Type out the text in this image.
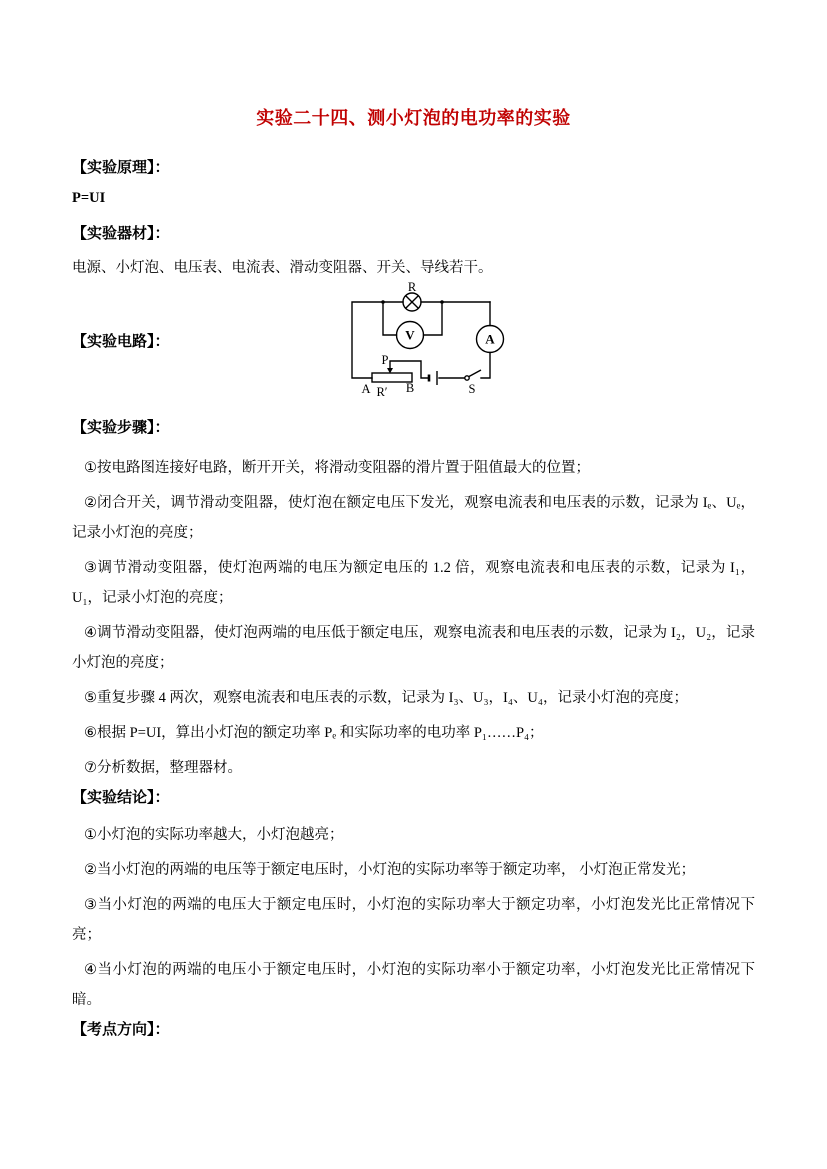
实验二十四、测小灯泡的电功率的实验

【实验原理】：

P=UI

【实验器材】：

电源、小灯泡、电压表、电流表、滑动变阻器、开关、导线若干。

【实验电路】：

R
V	A
P
A R′ B	S

【实验步骤】：

①按电路图连接好电路，断开开关，将滑动变阻器的滑片置于阻值最大的位置；

②闭合开关，调节滑动变阻器，使灯泡在额定电压下发光，观察电流表和电压表的示数，记录为 Iₑ、Uₑ，记录小灯泡的亮度；

③调节滑动变阻器，使灯泡两端的电压为额定电压的 1.2 倍，观察电流表和电压表的示数，记录为 I₁，U₁，记录小灯泡的亮度；

④调节滑动变阻器，使灯泡两端的电压低于额定电压，观察电流表和电压表的示数，记录为 I₂，U₂，记录小灯泡的亮度；

⑤重复步骤 4 两次，观察电流表和电压表的示数，记录为 I₃、U₃，I₄、U₄，记录小灯泡的亮度；

⑥根据 P=UI，算出小灯泡的额定功率 Pₑ 和实际功率的电功率 P₁……P₄；

⑦分析数据，整理器材。

【实验结论】：

①小灯泡的实际功率越大，小灯泡越亮；

②当小灯泡的两端的电压等于额定电压时，小灯泡的实际功率等于额定功率， 小灯泡正常发光；

③当小灯泡的两端的电压大于额定电压时，小灯泡的实际功率大于额定功率，小灯泡发光比正常情况下亮；

④当小灯泡的两端的电压小于额定电压时，小灯泡的实际功率小于额定功率，小灯泡发光比正常情况下暗。

【考点方向】：
